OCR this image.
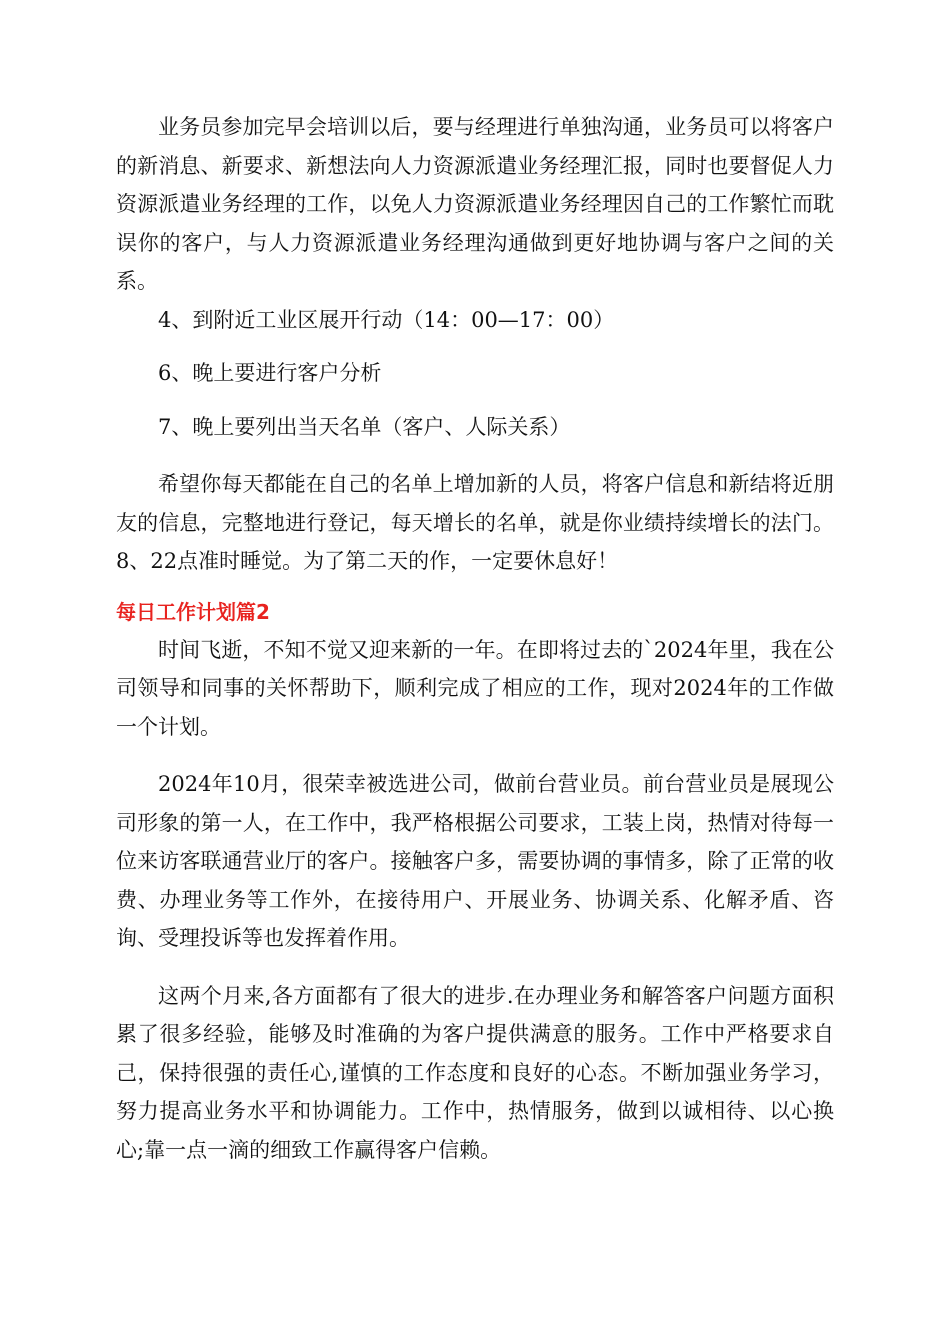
业务员参加完早会培训以后，要与经理进行单独沟通，业务员可以将客户的新消息、新要求、新想法向人力资源派遣业务经理汇报，同时也要督促人力资源派遣业务经理的工作，以免人力资源派遣业务经理因自己的工作繁忙而耽误你的客户，与人力资源派遣业务经理沟通做到更好地协调与客户之间的关系。

4、到附近工业区展开行动（14：00—17：00）

6、晚上要进行客户分析

7、晚上要列出当天名单（客户、人际关系）

希望你每天都能在自己的名单上增加新的人员，将客户信息和新结将近朋友的信息，完整地进行登记，每天增长的名单，就是你业绩持续增长的法门。8、22点准时睡觉。为了第二天的作，一定要休息好！

每日工作计划篇2

时间飞逝，不知不觉又迎来新的一年。在即将过去的`2024年里，我在公司领导和同事的关怀帮助下，顺利完成了相应的工作，现对2024年的工作做一个计划。

2024年10月，很荣幸被选进公司，做前台营业员。前台营业员是展现公司形象的第一人，在工作中，我严格根据公司要求，工装上岗，热情对待每一位来访客联通营业厅的客户。接触客户多，需要协调的事情多，除了正常的收费、办理业务等工作外，在接待用户、开展业务、协调关系、化解矛盾、咨询、受理投诉等也发挥着作用。

这两个月来,各方面都有了很大的进步.在办理业务和解答客户问题方面积累了很多经验，能够及时准确的为客户提供满意的服务。工作中严格要求自己，保持很强的责任心,谨慎的工作态度和良好的心态。不断加强业务学习，努力提高业务水平和协调能力。工作中，热情服务，做到以诚相待、以心换心;靠一点一滴的细致工作赢得客户信赖。
